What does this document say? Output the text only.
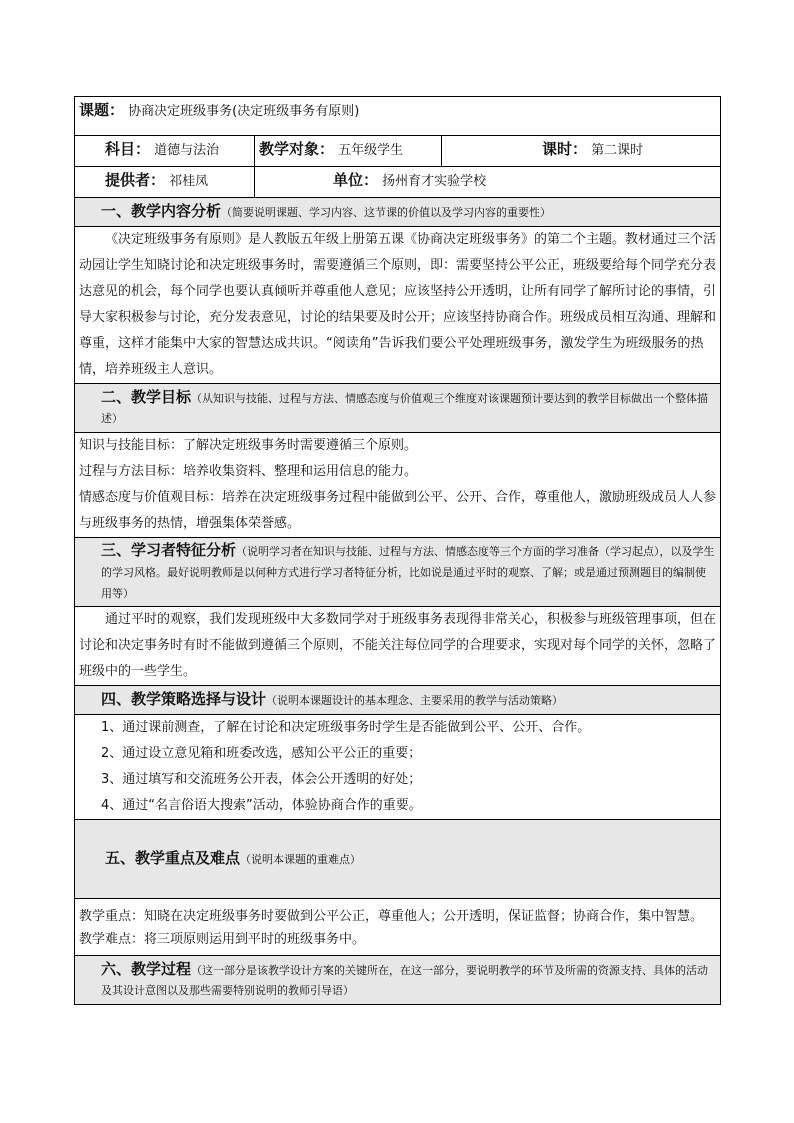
课题： 协商决定班级事务(决定班级事务有原则)		
科目： 道德与法治	教学对象： 五年级学生	课时： 第二课时
提供者： 祁桂凤	单位： 扬州育才实验学校	
一、教学内容分析（简要说明课题、学习内容、这节课的价值以及学习内容的重要性）		

《决定班级事务有原则》是人教版五年级上册第五课《协商决定班级事务》的第二个主题。教材通过三个活动园让学生知晓讨论和决定班级事务时，需要遵循三个原则，即：需要坚持公平公正，班级要给每个同学充分表达意见的机会，每个同学也要认真倾听并尊重他人意见；应该坚持公开透明，让所有同学了解所讨论的事情，引导大家积极参与讨论，充分发表意见，讨论的结果要及时公开；应该坚持协商合作。班级成员相互沟通、理解和尊重，这样才能集中大家的智慧达成共识。“阅读角”告诉我们要公平处理班级事务，激发学生为班级服务的热情，培养班级主人意识。		

二、教学目标（从知识与技能、过程与方法、情感态度与价值观三个维度对该课题预计要达到的教学目标做出一个整体描述）		

知识与技能目标：了解决定班级事务时需要遵循三个原则。
过程与方法目标：培养收集资料、整理和运用信息的能力。
情感态度与价值观目标：培养在决定班级事务过程中能做到公平、公开、合作，尊重他人，激励班级成员人人参与班级事务的热情，增强集体荣誉感。		

三、学习者特征分析（说明学习者在知识与技能、过程与方法、情感态度等三个方面的学习准备（学习起点），以及学生的学习风格。最好说明教师是以何种方式进行学习者特征分析，比如说是通过平时的观察、了解；或是通过预测题目的编制使用等）		

通过平时的观察，我们发现班级中大多数同学对于班级事务表现得非常关心，积极参与班级管理事项，但在讨论和决定事务时有时不能做到遵循三个原则，不能关注每位同学的合理要求，实现对每个同学的关怀，忽略了班级中的一些学生。		

四、教学策略选择与设计（说明本课题设计的基本理念、主要采用的教学与活动策略）		

1、通过课前测查，了解在讨论和决定班级事务时学生是否能做到公平、公开、合作。
2、通过设立意见箱和班委改选，感知公平公正的重要；
3、通过填写和交流班务公开表，体会公开透明的好处；
4、通过“名言俗语大搜索”活动，体验协商合作的重要。		

五、教学重点及难点（说明本课题的重难点）		

教学重点：知晓在决定班级事务时要做到公平公正，尊重他人；公开透明，保证监督；协商合作，集中智慧。
教学难点：将三项原则运用到平时的班级事务中。		

六、教学过程（这一部分是该教学设计方案的关键所在，在这一部分，要说明教学的环节及所需的资源支持、具体的活动及其设计意图以及那些需要特别说明的教师引导语）		
